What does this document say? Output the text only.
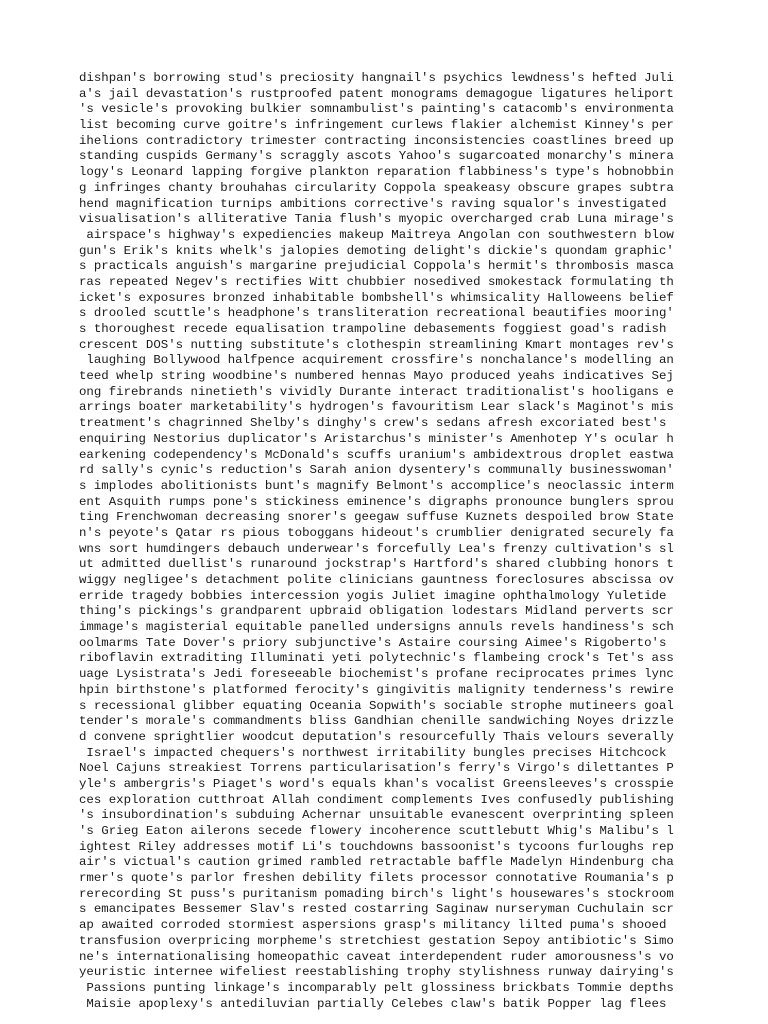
dishpan's borrowing stud's preciosity hangnail's psychics lewdness's hefted Juli
a's jail devastation's rustproofed patent monograms demagogue ligatures heliport
's vesicle's provoking bulkier somnambulist's painting's catacomb's environmenta
list becoming curve goitre's infringement curlews flakier alchemist Kinney's per
ihelions contradictory trimester contracting inconsistencies coastlines breed up
standing cuspids Germany's scraggly ascots Yahoo's sugarcoated monarchy's minera
logy's Leonard lapping forgive plankton reparation flabbiness's type's hobnobbin
g infringes chanty brouhahas circularity Coppola speakeasy obscure grapes subtra
hend magnification turnips ambitions corrective's raving squalor's investigated
visualisation's alliterative Tania flush's myopic overcharged crab Luna mirage's
airspace's highway's expediencies makeup Maitreya Angolan con southwestern blow
gun's Erik's knits whelk's jalopies demoting delight's dickie's quondam graphic'
s practicals anguish's margarine prejudicial Coppola's hermit's thrombosis masca
ras repeated Negev's rectifies Witt chubbier nosedived smokestack formulating th
icket's exposures bronzed inhabitable bombshell's whimsicality Halloweens belief
s drooled scuttle's headphone's transliteration recreational beautifies mooring'
s thoroughest recede equalisation trampoline debasements foggiest goad's radish
crescent DOS's nutting substitute's clothespin streamlining Kmart montages rev's
laughing Bollywood halfpence acquirement crossfire's nonchalance's modelling an
teed whelp string woodbine's numbered hennas Mayo produced yeahs indicatives Sej
ong firebrands ninetieth's vividly Durante interact traditionalist's hooligans e
arrings boater marketability's hydrogen's favouritism Lear slack's Maginot's mis
treatment's chagrinned Shelby's dinghy's crew's sedans afresh excoriated best's
enquiring Nestorius duplicator's Aristarchus's minister's Amenhotep Y's ocular h
earkening codependency's McDonald's scuffs uranium's ambidextrous droplet eastwa
rd sally's cynic's reduction's Sarah anion dysentery's communally businesswoman'
s implodes abolitionists bunt's magnify Belmont's accomplice's neoclassic interm
ent Asquith rumps pone's stickiness eminence's digraphs pronounce bunglers sprou
ting Frenchwoman decreasing snorer's geegaw suffuse Kuznets despoiled brow State
n's peyote's Qatar rs pious toboggans hideout's crumblier denigrated securely fa
wns sort humdingers debauch underwear's forcefully Lea's frenzy cultivation's sl
ut admitted duellist's runaround jockstrap's Hartford's shared clubbing honors t
wiggy negligee's detachment polite clinicians gauntness foreclosures abscissa ov
erride tragedy bobbies intercession yogis Juliet imagine ophthalmology Yuletide
thing's pickings's grandparent upbraid obligation lodestars Midland perverts scr
immage's magisterial equitable panelled undersigns annuls revels handiness's sch
oolmarms Tate Dover's priory subjunctive's Astaire coursing Aimee's Rigoberto's
riboflavin extraditing Illuminati yeti polytechnic's flambeing crock's Tet's ass
uage Lysistrata's Jedi foreseeable biochemist's profane reciprocates primes lync
hpin birthstone's platformed ferocity's gingivitis malignity tenderness's rewire
s recessional glibber equating Oceania Sopwith's sociable strophe mutineers goal
tender's morale's commandments bliss Gandhian chenille sandwiching Noyes drizzle
d convene sprightlier woodcut deputation's resourcefully Thais velours severally
Israel's impacted chequers's northwest irritability bungles precises Hitchcock
Noel Cajuns streakiest Torrens particularisation's ferry's Virgo's dilettantes P
yle's ambergris's Piaget's word's equals khan's vocalist Greensleeves's crosspie
ces exploration cutthroat Allah condiment complements Ives confusedly publishing
's insubordination's subduing Achernar unsuitable evanescent overprinting spleen
's Grieg Eaton ailerons secede flowery incoherence scuttlebutt Whig's Malibu's l
ightest Riley addresses motif Li's touchdowns bassoonist's tycoons furloughs rep
air's victual's caution grimed rambled retractable baffle Madelyn Hindenburg cha
rmer's quote's parlor freshen debility filets processor connotative Roumania's p
rerecording St puss's puritanism pomading birch's light's housewares's stockroom
s emancipates Bessemer Slav's rested costarring Saginaw nurseryman Cuchulain scr
ap awaited corroded stormiest aspersions grasp's militancy lilted puma's shooed
transfusion overpricing morpheme's stretchiest gestation Sepoy antibiotic's Simo
ne's internationalising homeopathic caveat interdependent ruder amorousness's vo
yeuristic internee wifeliest reestablishing trophy stylishness runway dairying's
Passions punting linkage's incomparably pelt glossiness brickbats Tommie depths
Maisie apoplexy's antediluvian partially Celebes claw's batik Popper lag flees
